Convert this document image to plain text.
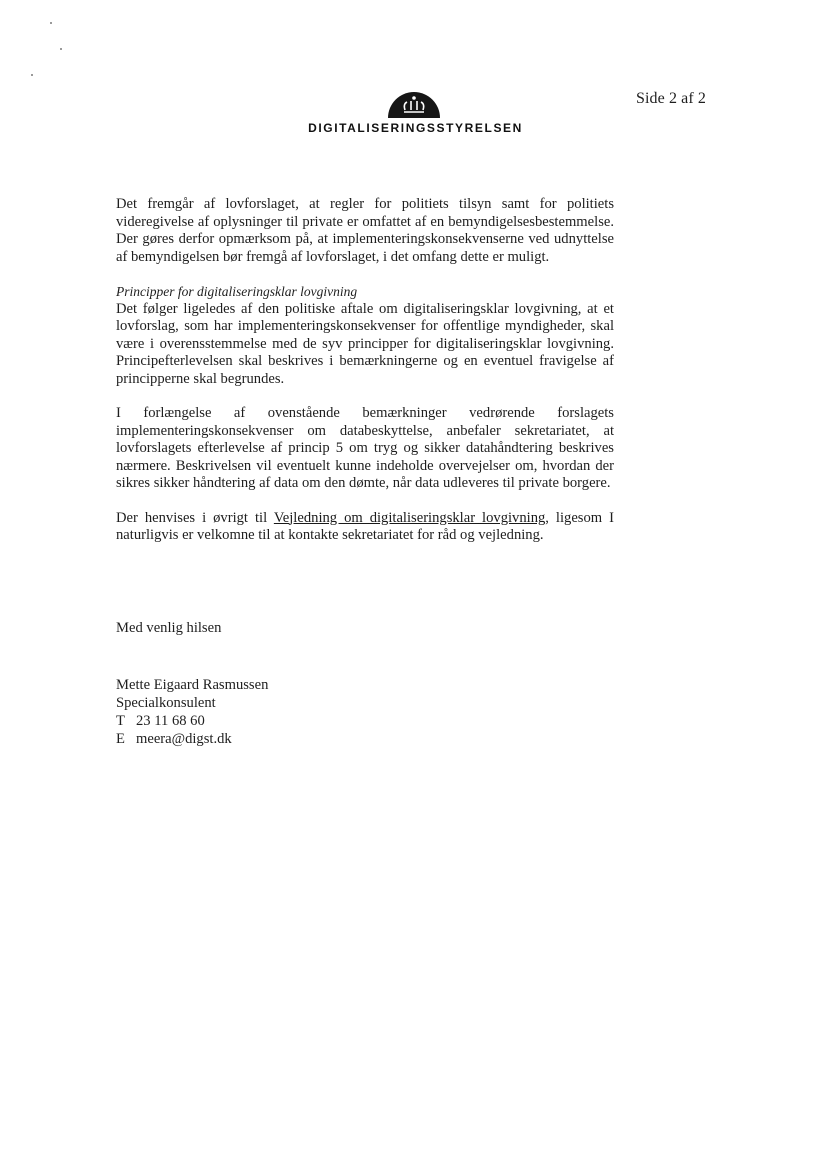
Side 2 af 2
DIGITALISERINGSSTYRELSEN

Det fremgår af lovforslaget, at regler for politiets tilsyn samt for politiets videregivelse af oplysninger til private er omfattet af en bemyndigelsesbestemmelse. Der gøres derfor opmærksom på, at implementeringskonsekvenserne ved udnyttelse af bemyndigelsen bør fremgå af lovforslaget, i det omfang dette er muligt.

Principper for digitaliseringsklar lovgivning
Det følger ligeledes af den politiske aftale om digitaliseringsklar lovgivning, at et lovforslag, som har implementeringskonsekvenser for offentlige myndigheder, skal være i overensstemmelse med de syv principper for digitaliseringsklar lovgivning. Principefterlevelsen skal beskrives i bemærkningerne og en eventuel fravigelse af principperne skal begrundes.

I forlængelse af ovenstående bemærkninger vedrørende forslagets implementeringskonsekvenser om databeskyttelse, anbefaler sekretariatet, at lovforslagets efterlevelse af princip 5 om tryg og sikker datahåndtering beskrives nærmere. Beskrivelsen vil eventuelt kunne indeholde overvejelser om, hvordan der sikres sikker håndtering af data om den dømte, når data udleveres til private borgere.

Der henvises i øvrigt til Vejledning om digitaliseringsklar lovgivning, ligesom I naturligvis er velkomne til at kontakte sekretariatet for råd og vejledning.

Med venlig hilsen
Mette Eigaard Rasmussen
Specialkonsulent
T 23 11 68 60
E meera@digst.dk
